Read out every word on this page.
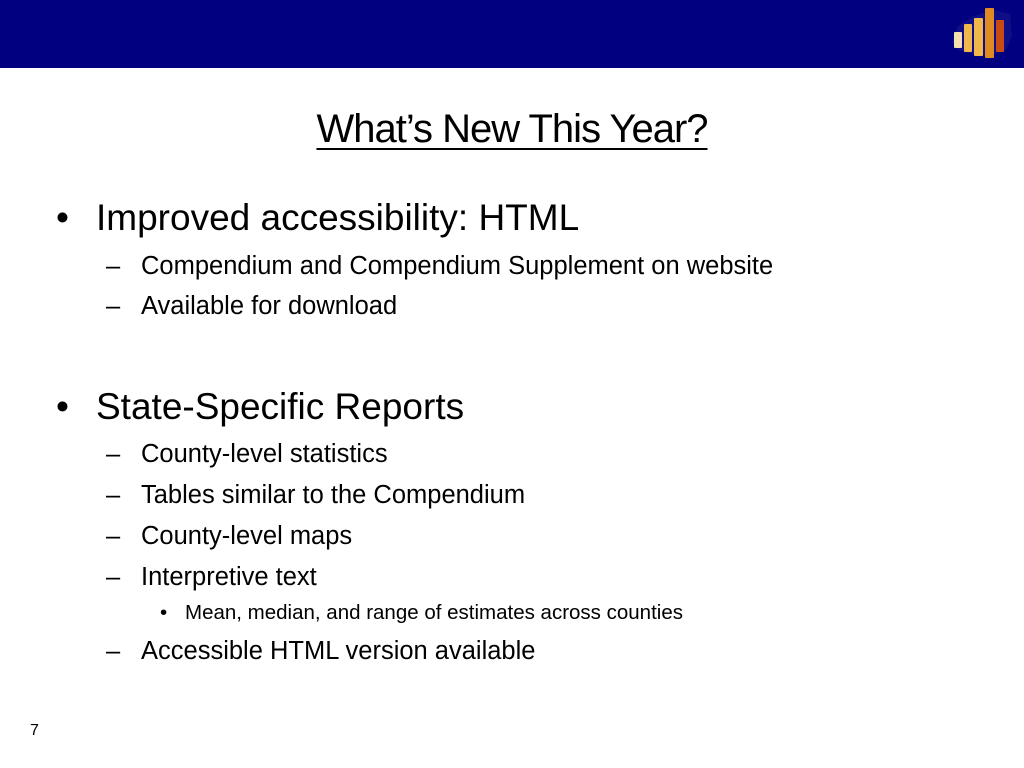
What’s New This Year?
• Improved accessibility: HTML
– Compendium and Compendium Supplement on website
– Available for download
• State-Specific Reports
– County-level statistics
– Tables similar to the Compendium
– County-level maps
– Interpretive text
• Mean, median, and range of estimates across counties
– Accessible HTML version available
7
